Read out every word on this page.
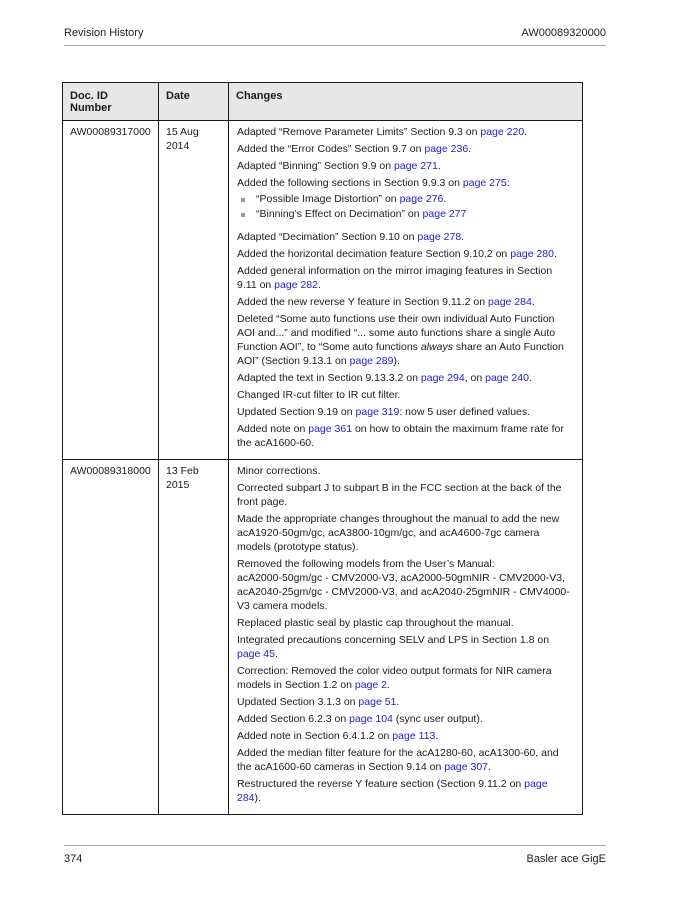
Revision History	AW00089320000
Doc. ID Number	Date	Changes
AW00089317000	15 Aug 2014	

Adapted “Remove Parameter Limits” Section 9.3 on page 220.

Added the “Error Codes” Section 9.7 on page 236.

Adapted “Binning” Section 9.9 on page 271.

Added the following sections in Section 9.9.3 on page 275:

“Possible Image Distortion” on page 276.
“Binning’s Effect on Decimation” on page 277

Adapted “Decimation” Section 9.10 on page 278.

Added the horizontal decimation feature Section 9.10.2 on page 280.

Added general information on the mirror imaging features in Section 9.11 on page 282.

Added the new reverse Y feature in Section 9.11.2 on page 284.

Deleted “Some auto functions use their own individual Auto Function AOI and...” and modified “... some auto functions share a single Auto Function AOI”, to “Some auto functions always share an Auto Function AOI” (Section 9.13.1 on page 289).

Adapted the text in Section 9.13.3.2 on page 294, on page 240.

Changed IR-cut filter to IR cut filter.

Updated Section 9.19 on page 319: now 5 user defined values.

Added note on page 361 on how to obtain the maximum frame rate for the acA1600-60.

AW00089318000	13 Feb 2015	

Minor corrections.

Corrected subpart J to subpart B in the FCC section at the back of the front page.

Made the appropriate changes throughout the manual to add the new acA1920-50gm/gc, acA3800-10gm/gc, and acA4600-7gc camera models (prototype status).

Removed the following models from the User’s Manual:
acA2000-50gm/gc - CMV2000-V3, acA2000-50gmNIR - CMV2000-V3, acA2040-25gm/gc - CMV2000-V3, and acA2040-25gmNIR - CMV4000-V3 camera models.

Replaced plastic seal by plastic cap throughout the manual.

Integrated precautions concerning SELV and LPS in Section 1.8 on page 45.

Correction: Removed the color video output formats for NIR camera models in Section 1.2 on page 2.

Updated Section 3.1.3 on page 51.

Added Section 6.2.3 on page 104 (sync user output).

Added note in Section 6.4.1.2 on page 113.

Added the median filter feature for the acA1280-60, acA1300-60, and the acA1600-60 cameras in Section 9.14 on page 307.

Restructured the reverse Y feature section (Section 9.11.2 on page 284).

374	Basler ace GigE
